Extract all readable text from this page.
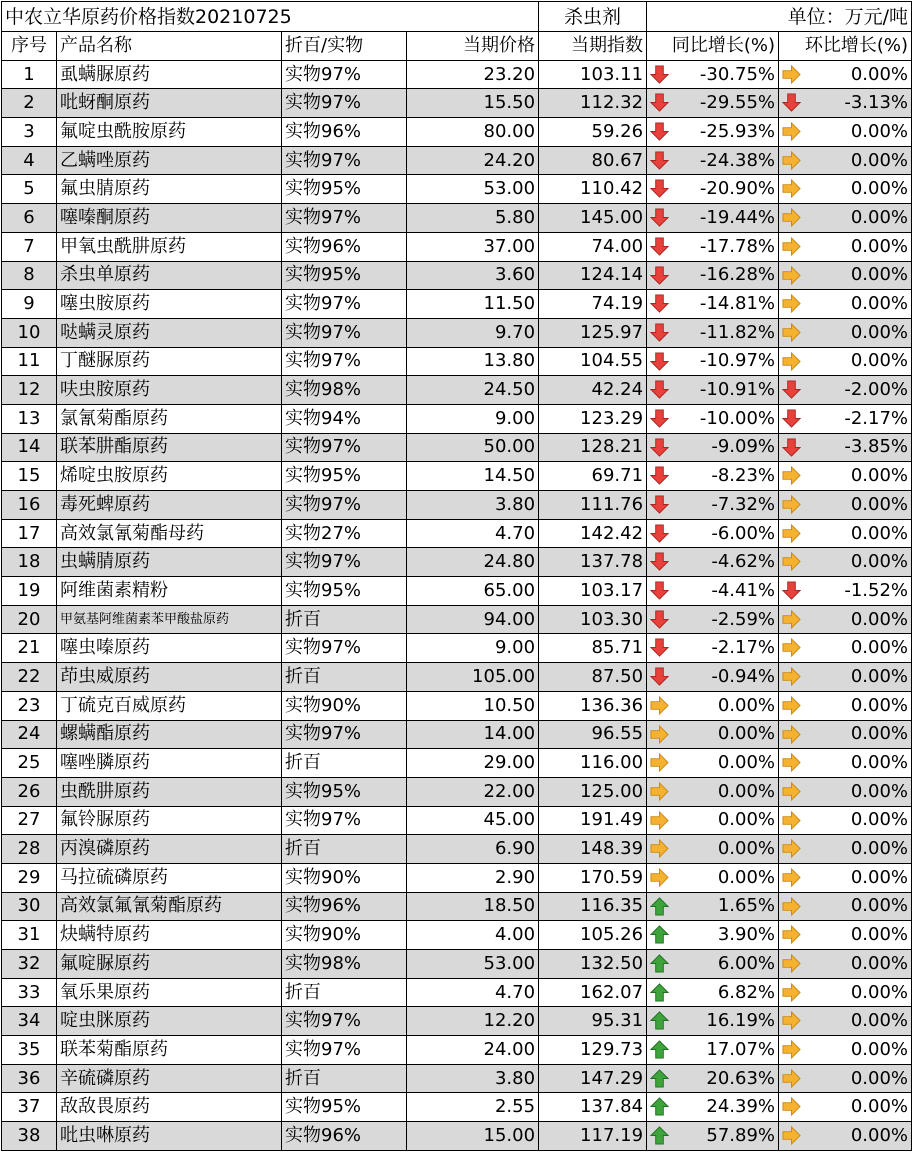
中农立华原药价格指数20210725				杀虫剂	单位：万元/吨	
序号	产品名称	折百/实物	当期价格	当期指数	同比增长(%)	环比增长(%)
1	虱螨脲原药	实物97%	23.20	103.11	-30.75%	0.00%
2	吡蚜酮原药	实物97%	15.50	112.32	-29.55%	-3.13%
3	氟啶虫酰胺原药	实物96%	80.00	59.26	-25.93%	0.00%
4	乙螨唑原药	实物97%	24.20	80.67	-24.38%	0.00%
5	氟虫腈原药	实物95%	53.00	110.42	-20.90%	0.00%
6	噻嗪酮原药	实物97%	5.80	145.00	-19.44%	0.00%
7	甲氧虫酰肼原药	实物96%	37.00	74.00	-17.78%	0.00%
8	杀虫单原药	实物95%	3.60	124.14	-16.28%	0.00%
9	噻虫胺原药	实物97%	11.50	74.19	-14.81%	0.00%
10	哒螨灵原药	实物97%	9.70	125.97	-11.82%	0.00%
11	丁醚脲原药	实物97%	13.80	104.55	-10.97%	0.00%
12	呋虫胺原药	实物98%	24.50	42.24	-10.91%	-2.00%
13	氯氰菊酯原药	实物94%	9.00	123.29	-10.00%	-2.17%
14	联苯肼酯原药	实物97%	50.00	128.21	-9.09%	-3.85%
15	烯啶虫胺原药	实物95%	14.50	69.71	-8.23%	0.00%
16	毒死蜱原药	实物97%	3.80	111.76	-7.32%	0.00%
17	高效氯氰菊酯母药	实物27%	4.70	142.42	-6.00%	0.00%
18	虫螨腈原药	实物97%	24.80	137.78	-4.62%	0.00%
19	阿维菌素精粉	实物95%	65.00	103.17	-4.41%	-1.52%
20	甲氨基阿维菌素苯甲酸盐原药	折百	94.00	103.30	-2.59%	0.00%
21	噻虫嗪原药	实物97%	9.00	85.71	-2.17%	0.00%
22	茚虫威原药	折百	105.00	87.50	-0.94%	0.00%
23	丁硫克百威原药	实物90%	10.50	136.36	0.00%	0.00%
24	螺螨酯原药	实物97%	14.00	96.55	0.00%	0.00%
25	噻唑膦原药	折百	29.00	116.00	0.00%	0.00%
26	虫酰肼原药	实物95%	22.00	125.00	0.00%	0.00%
27	氟铃脲原药	实物97%	45.00	191.49	0.00%	0.00%
28	丙溴磷原药	折百	6.90	148.39	0.00%	0.00%
29	马拉硫磷原药	实物90%	2.90	170.59	0.00%	0.00%
30	高效氯氟氰菊酯原药	实物96%	18.50	116.35	1.65%	0.00%
31	炔螨特原药	实物90%	4.00	105.26	3.90%	0.00%
32	氟啶脲原药	实物98%	53.00	132.50	6.00%	0.00%
33	氧乐果原药	折百	4.70	162.07	6.82%	0.00%
34	啶虫脒原药	实物97%	12.20	95.31	16.19%	0.00%
35	联苯菊酯原药	实物97%	24.00	129.73	17.07%	0.00%
36	辛硫磷原药	折百	3.80	147.29	20.63%	0.00%
37	敌敌畏原药	实物95%	2.55	137.84	24.39%	0.00%
38	吡虫啉原药	实物96%	15.00	117.19	57.89%	0.00%
